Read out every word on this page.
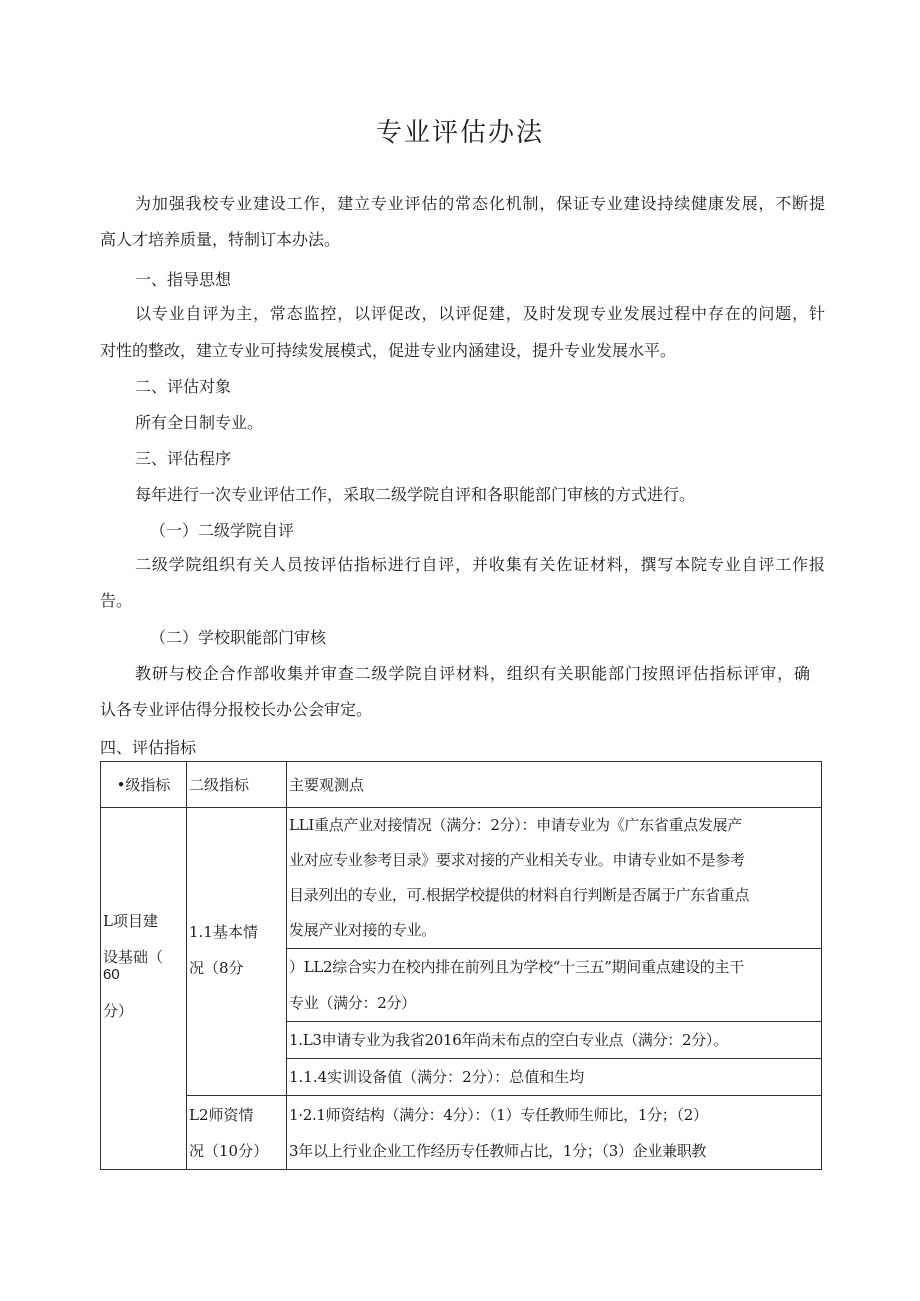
专业评估办法
为加强我校专业建设工作，建立专业评估的常态化机制，保证专业建设持续健康发展，不断提
高人才培养质量，特制订本办法。
一、指导思想
以专业自评为主，常态监控，以评促改，以评促建，及时发现专业发展过程中存在的问题，针
对性的整改，建立专业可持续发展模式，促进专业内涵建设，提升专业发展水平。
二、评估对象
所有全日制专业。
三、评估程序
每年进行一次专业评估工作，采取二级学院自评和各职能部门审核的方式进行。
（一）二级学院自评
二级学院组织有关人员按评估指标进行自评，并收集有关佐证材料，撰写本院专业自评工作报
告。
（二）学校职能部门审核
教研与校企合作部收集并审查二级学院自评材料，组织有关职能部门按照评估指标评审，确
认各专业评估得分报校长办公会审定。
四、评估指标
•级指标	二级指标	主要观测点

L项目建
设基础（
60
分）	1.1基本情
况（8分	LLI重点产业对接情况（满分：2分）：申请专业为《广东省重点发展产
业对应专业参考目录》要求对接的产业相关专业。申请专业如不是参考
目录列出的专业，可.根据学校提供的材料自行判断是否属于广东省重点
发展产业对接的专业。

		）LL2综合实力在校内排在前列且为学校“十三五”期间重点建设的主干
专业（满分：2分）

		1.L3申请专业为我省2016年尚未布点的空白专业点（满分：2分）。

		1.1.4实训设备值（满分：2分）：总值和生均

	L2师资情
况（10分）	1·2.1师资结构（满分：4分）：（1）专任教师生师比，1分；（2）
3年以上行业企业工作经历专任教师占比，1分；（3）企业兼职教
